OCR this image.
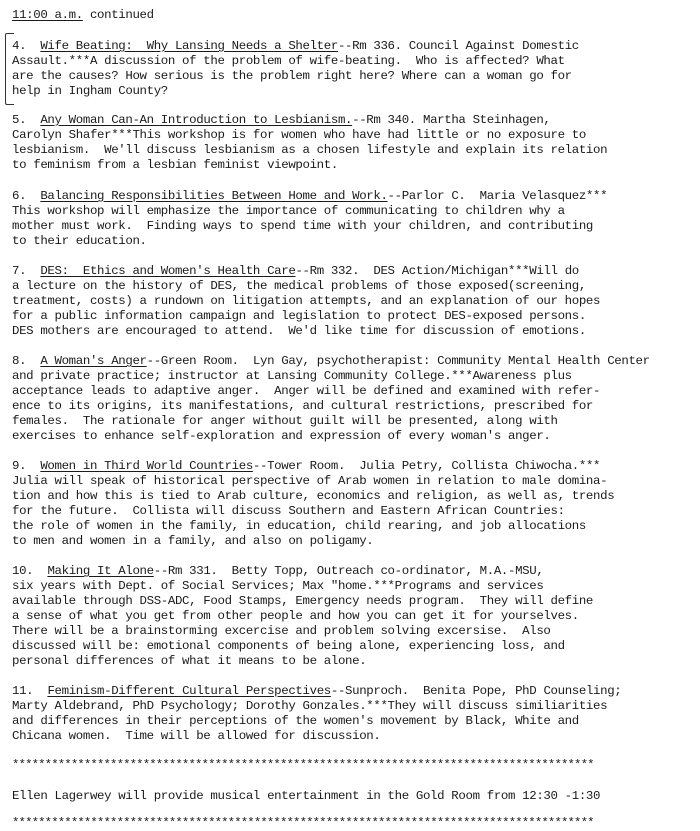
11:00 a.m. continued
4.  Wife Beating:  Why Lansing Needs a Shelter--Rm 336. Council Against Domestic
Assault.***A discussion of the problem of wife-beating.  Who is affected? What
are the causes? How serious is the problem right here? Where can a woman go for
help in Ingham County?
5.  Any Woman Can-An Introduction to Lesbianism.--Rm 340. Martha Steinhagen,
Carolyn Shafer***This workshop is for women who have had little or no exposure to
lesbianism.  We'll discuss lesbianism as a chosen lifestyle and explain its relation
to feminism from a lesbian feminist viewpoint.
6.  Balancing Responsibilities Between Home and Work.--Parlor C.  Maria Velasquez***
This workshop will emphasize the importance of communicating to children why a
mother must work.  Finding ways to spend time with your children, and contributing
to their education.
7.  DES:  Ethics and Women's Health Care--Rm 332.  DES Action/Michigan***Will do
a lecture on the history of DES, the medical problems of those exposed(screening,
treatment, costs) a rundown on litigation attempts, and an explanation of our hopes
for a public information campaign and legislation to protect DES-exposed persons.
DES mothers are encouraged to attend.  We'd like time for discussion of emotions.
8.  A Woman's Anger--Green Room.  Lyn Gay, psychotherapist: Community Mental Health Center
and private practice; instructor at Lansing Community College.***Awareness plus
acceptance leads to adaptive anger.  Anger will be defined and examined with refer-
ence to its origins, its manifestations, and cultural restrictions, prescribed for
females.  The rationale for anger without guilt will be presented, along with
exercises to enhance self-exploration and expression of every woman's anger.
9.  Women in Third World Countries--Tower Room.  Julia Petry, Collista Chiwocha.***
Julia will speak of historical perspective of Arab women in relation to male domina-
tion and how this is tied to Arab culture, economics and religion, as well as, trends
for the future.  Collista will discuss Southern and Eastern African Countries:
the role of women in the family, in education, child rearing, and job allocations
to men and women in a family, and also on poligamy.
10.  Making It Alone--Rm 331.  Betty Topp, Outreach co-ordinator, M.A.-MSU,
six years with Dept. of Social Services; Max "home.***Programs and services
available through DSS-ADC, Food Stamps, Emergency needs program.  They will define
a sense of what you get from other people and how you can get it for yourselves.
There will be a brainstorming excercise and problem solving excersise.  Also
discussed will be: emotional components of being alone, experiencing loss, and
personal differences of what it means to be alone.
11.  Feminism-Different Cultural Perspectives--Sunproch.  Benita Pope, PhD Counseling;
Marty Aldebrand, PhD Psychology; Dorothy Gonzales.***They will discuss similiarities
and differences in their perceptions of the women's movement by Black, White and
Chicana women.  Time will be allowed for discussion.
*****************************************************************************************
Ellen Lagerwey will provide musical entertainment in the Gold Room from 12:30 -1:30
*****************************************************************************************
